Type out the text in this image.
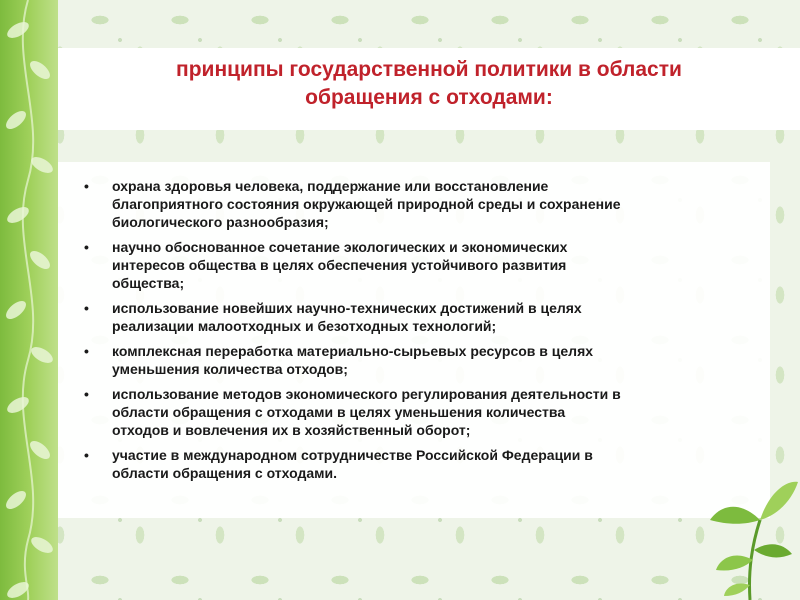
принципы государственной политики в области
обращения с отходами:
• охрана здоровья человека, поддержание или восстановление
благоприятного состояния окружающей природной среды и сохранение
биологического разнообразия;
• научно обоснованное сочетание экологических и экономических
интересов общества в целях обеспечения устойчивого развития
общества;
• использование новейших научно-технических достижений в целях
реализации малоотходных и безотходных технологий;
• комплексная переработка материально-сырьевых ресурсов в целях
уменьшения количества отходов;
• использование методов экономического регулирования деятельности в
области обращения с отходами в целях уменьшения количества
отходов и вовлечения их в хозяйственный оборот;
• участие в международном сотрудничестве Российской Федерации в
области обращения с отходами.
